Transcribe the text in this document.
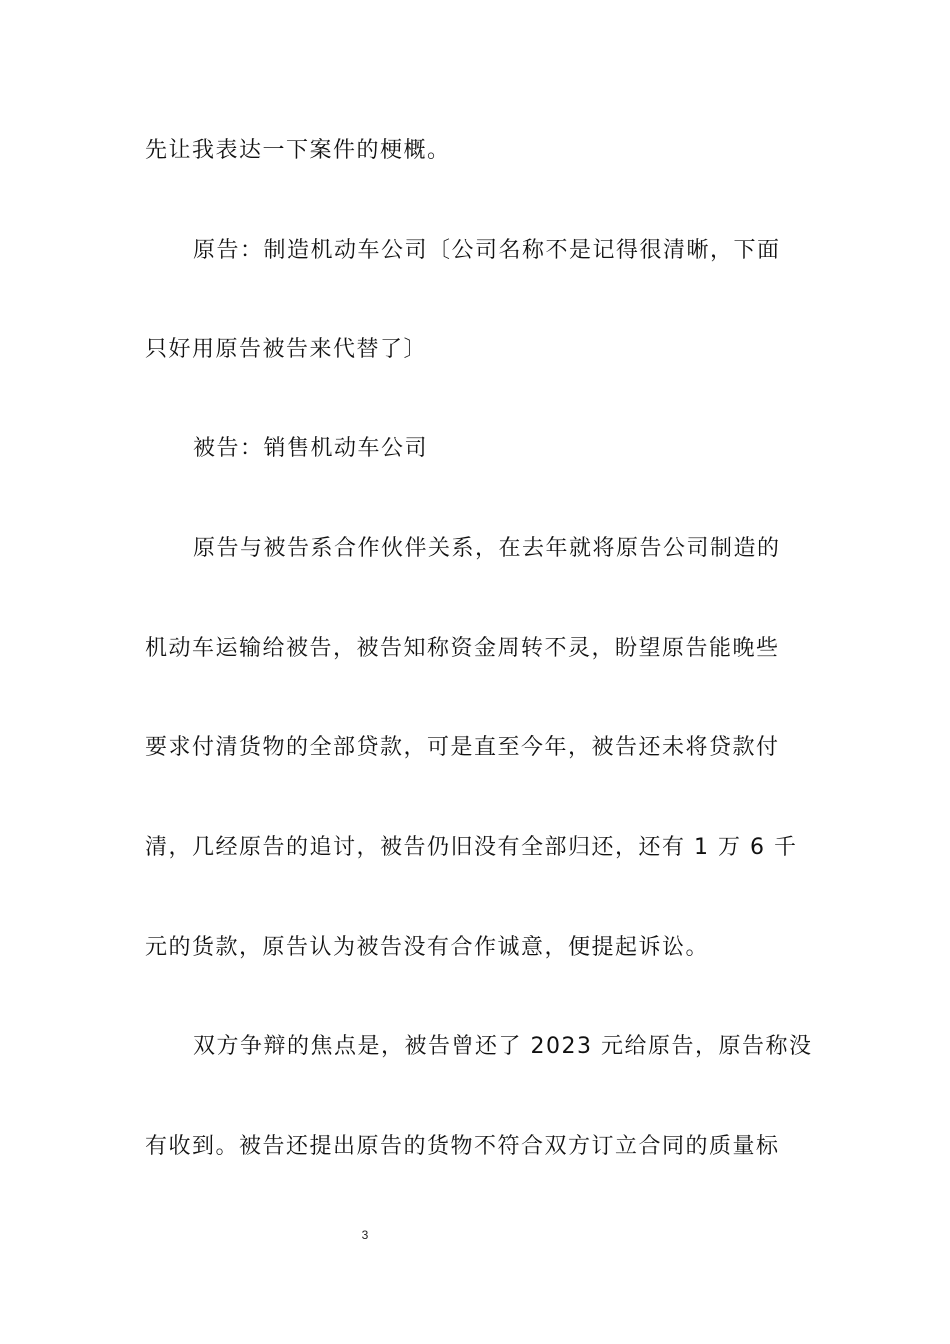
先让我表达一下案件的梗概。
原告：制造机动车公司〔公司名称不是记得很清晰，下面
只好用原告被告来代替了〕
被告：销售机动车公司
原告与被告系合作伙伴关系，在去年就将原告公司制造的
机动车运输给被告，被告知称资金周转不灵，盼望原告能晚些
要求付清货物的全部贷款，可是直至今年，被告还未将贷款付
清，几经原告的追讨，被告仍旧没有全部归还，还有 1 万 6 千
元的货款，原告认为被告没有合作诚意，便提起诉讼。
双方争辩的焦点是，被告曾还了 2023 元给原告，原告称没
有收到。被告还提出原告的货物不符合双方订立合同的质量标
3
